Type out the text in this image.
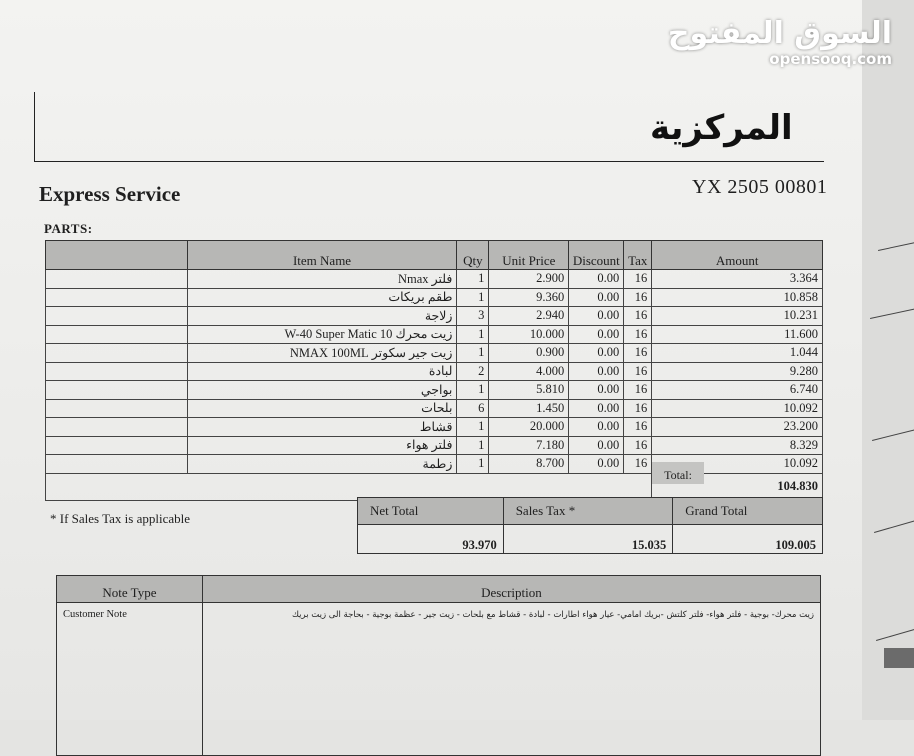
السوق المفتوح
opensooq.com
المركزية
Express Service	YX 2505 00801
PARTS:
	Item Name	Qty	Unit Price	Discount	Tax	Amount
	فلتر Nmax	1	2.900	0.00	16	3.364
	طقم بريكات	1	9.360	0.00	16	10.858
	زلاجة	3	2.940	0.00	16	10.231
	زيت محرك W-40 Super Matic 10	1	10.000	0.00	16	11.600
	زيت جير سكوتر NMAX 100ML	1	0.900	0.00	16	1.044
	لبادة	2	4.000	0.00	16	9.280
	بواجي	1	5.810	0.00	16	6.740
	بلحات	6	1.450	0.00	16	10.092
	قشاط	1	20.000	0.00	16	23.200
	فلتر هواء	1	7.180	0.00	16	8.329
	زطمة	1	8.700	0.00	16	10.092
						104.830
Total:
* If Sales Tax is applicable
Net Total	Sales Tax *	Grand Total
93.970	15.035	109.005
Note Type	Description
Customer Note	زيت محرك- بوجية - فلتر هواء- فلتر كلتش -بريك امامي- عيار هواء اطارات - لبادة - قشاط مع بلحات - زيت جير - عظمة بوجية - بحاجة الى زيت بريك
